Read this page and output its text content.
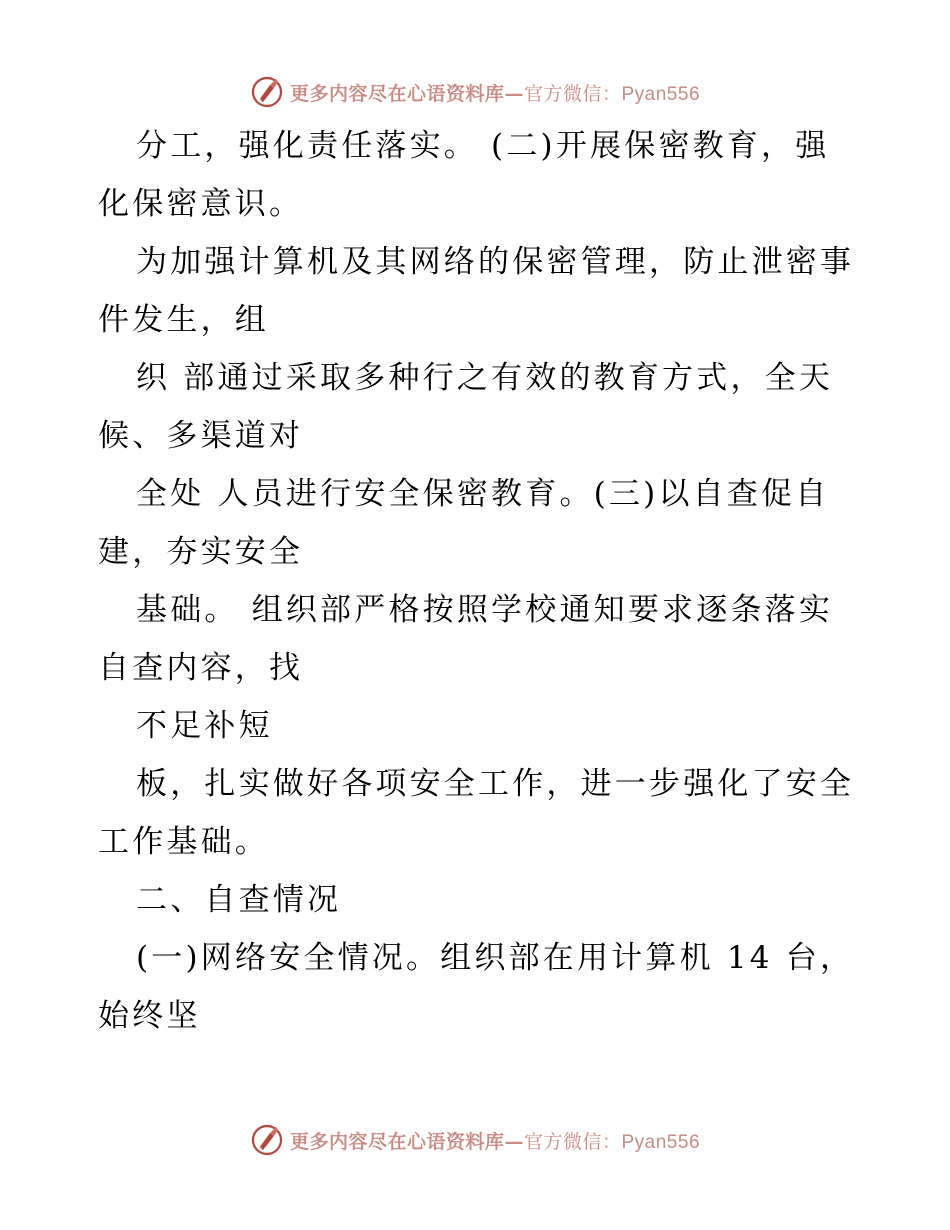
更多内容尽在心语资料库—官方微信：Pyan556

分工，强化责任落实。 (二)开展保密教育，强化保密意识。

为加强计算机及其网络的保密管理，防止泄密事件发生，组

织 部通过采取多种行之有效的教育方式，全天候、多渠道对

全处 人员进行安全保密教育。(三)以自查促自建，夯实安全

基础。 组织部严格按照学校通知要求逐条落实自查内容，找

不足补短

板，扎实做好各项安全工作，进一步强化了安全工作基础。

二、自查情况

(一)网络安全情况。组织部在用计算机 14 台，始终坚

更多内容尽在心语资料库—官方微信：Pyan556
